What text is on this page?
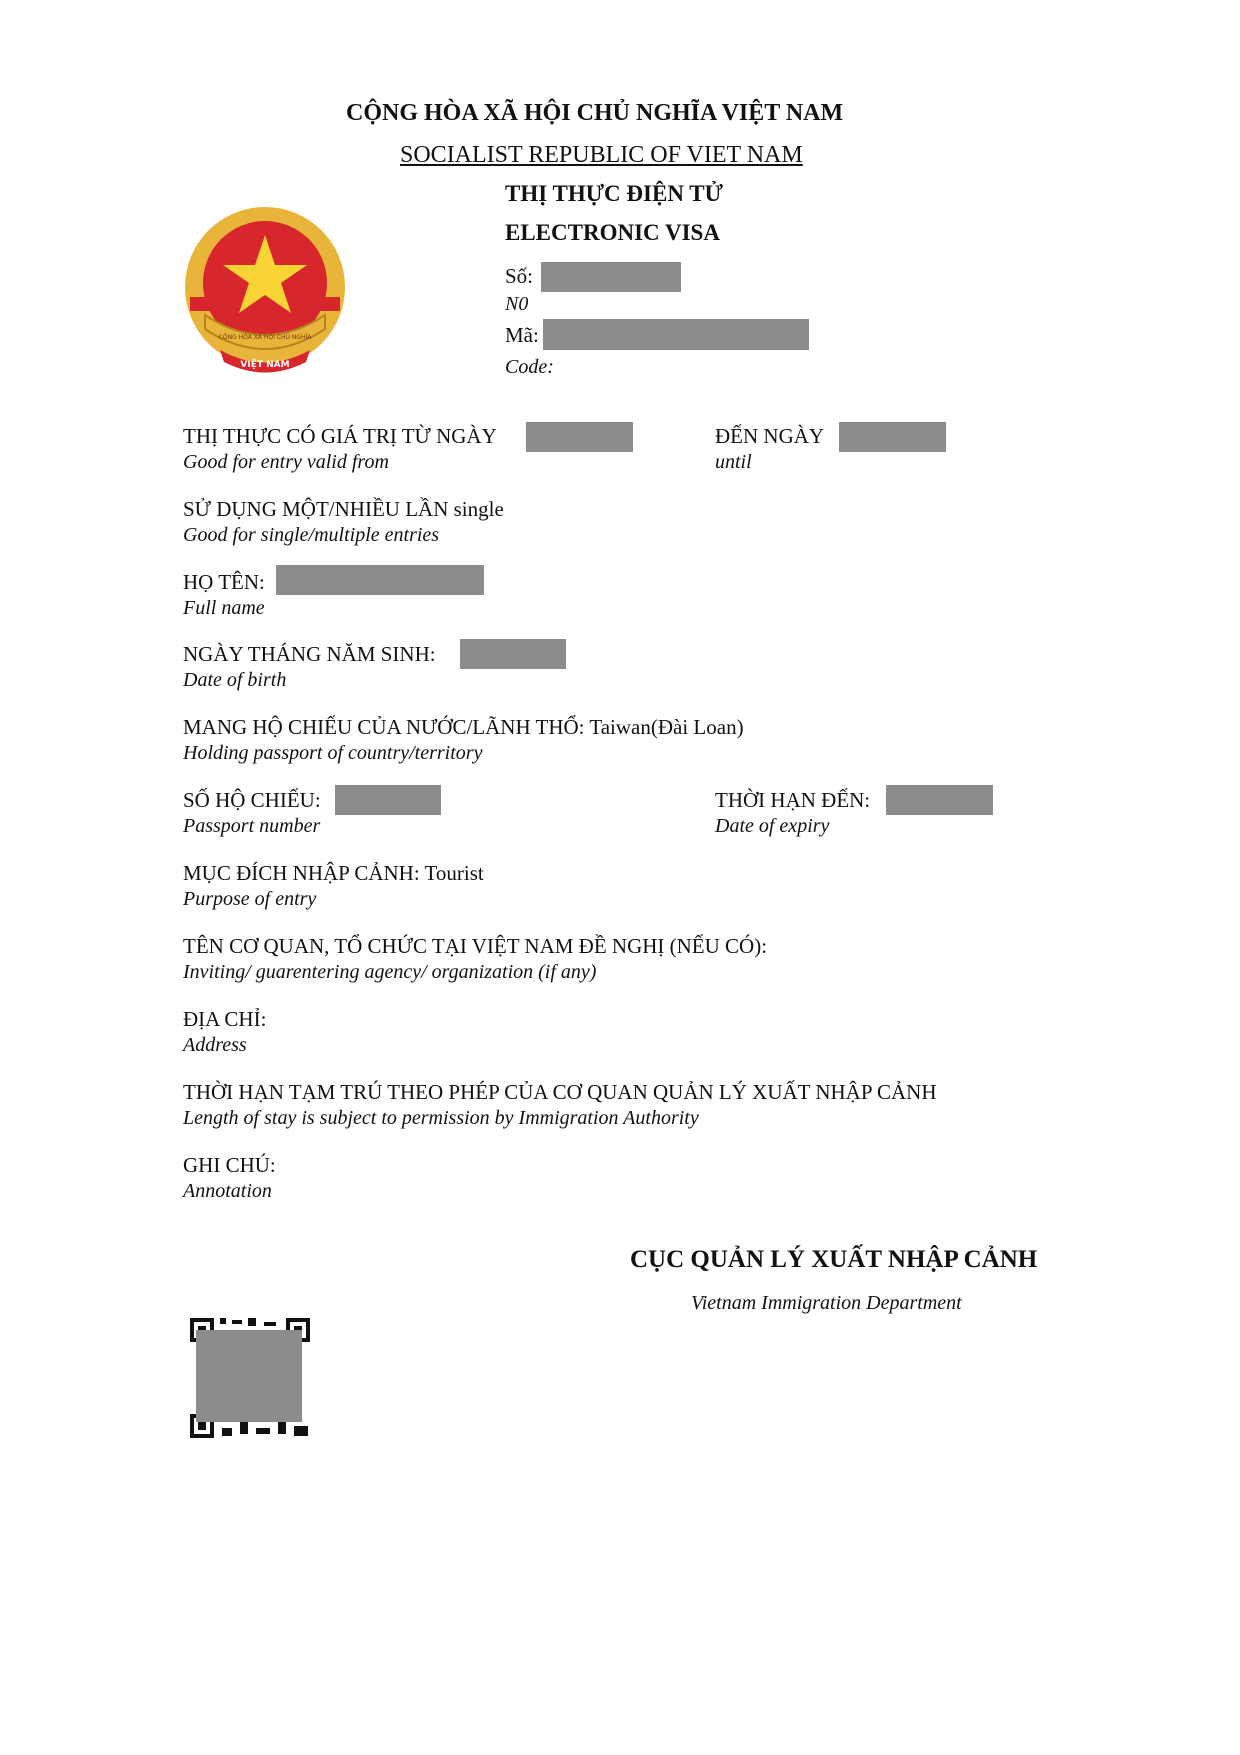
CỘNG HÒA XÃ HỘI CHỦ NGHĨA VIỆT NAM
SOCIALIST REPUBLIC OF VIET NAM
THỊ THỰC ĐIỆN TỬ
ELECTRONIC VISA
CỘNG HÒA XÃ HỘI CHỦ NGHĨA
VIỆT NAM
Số:
N0
Mã:
Code:
THỊ THỰC CÓ GIÁ TRỊ TỪ NGÀY
Good for entry valid from
ĐẾN NGÀY
until
SỬ DỤNG MỘT/NHIỀU LẦN single
Good for single/multiple entries
HỌ TÊN:
Full name
NGÀY THÁNG NĂM SINH:
Date of birth
MANG HỘ CHIẾU CỦA NƯỚC/LÃNH THỔ: Taiwan(Đài Loan)
Holding passport of country/territory
SỐ HỘ CHIẾU:
Passport number
THỜI HẠN ĐẾN:
Date of expiry
MỤC ĐÍCH NHẬP CẢNH: Tourist
Purpose of entry
TÊN CƠ QUAN, TỔ CHỨC TẠI VIỆT NAM ĐỀ NGHỊ (NẾU CÓ):
Inviting/ guarentering agency/ organization (if any)
ĐỊA CHỈ:
Address
THỜI HẠN TẠM TRÚ THEO PHÉP CỦA CƠ QUAN QUẢN LÝ XUẤT NHẬP CẢNH
Length of stay is subject to permission by Immigration Authority
GHI CHÚ:
Annotation
CỤC QUẢN LÝ XUẤT NHẬP CẢNH
Vietnam Immigration Department
